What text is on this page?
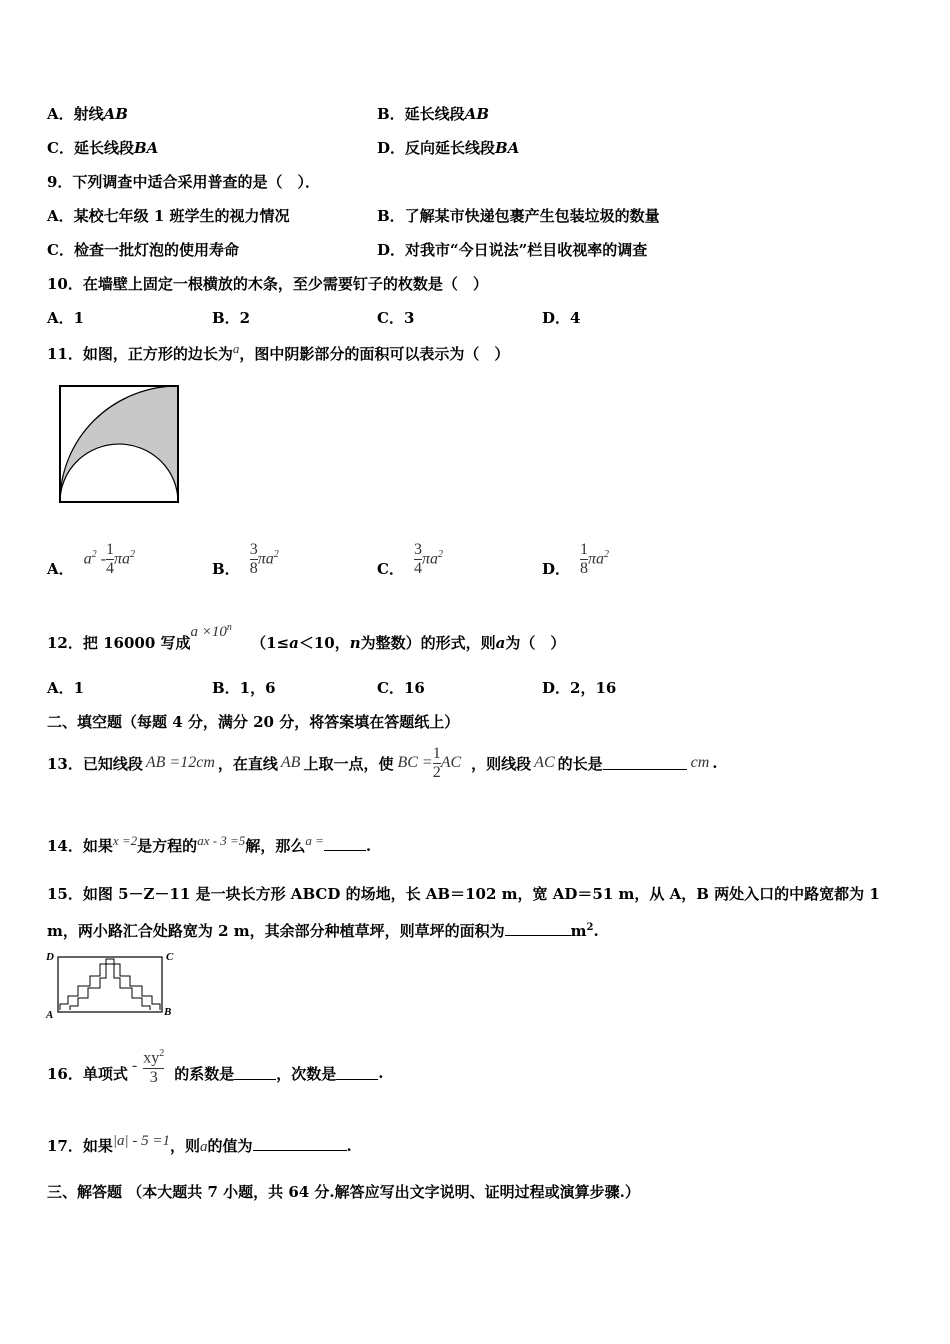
A．射线AB	B．延长线段AB
C．延长线段BA	D．反向延长线段BA
9．下列调查中适合采用普查的是（　）．
A．某校七年级 1 班学生的视力情况	B．了解某市快递包裹产生包装垃圾的数量
C．检查一批灯泡的使用寿命	D．对我市“今日说法”栏目收视率的调查
10．在墙壁上固定一根横放的木条，至少需要钉子的枚数是（　）
A．1	B．2	C．3	D．4
11．如图，正方形的边长为$^a$，图中阴影部分的面积可以表示为（　）
A．
$a^2 - \frac{1}{4} \pi a^2$
B． $\frac{3}{8} \pi a^2$
C． $\frac{3}{4} \pi a^2$
D． $\frac{1}{8} \pi a^2$
12．把 16000 写成$a \times 10^n$ （1≤a＜10，n为整数）的形式，则a为（　）
A．1	B．1，6	C．16	D．2，16
二、填空题（每题 4 分，满分 20 分，将答案填在答题纸上）
13．已知线段 AB =12cm ，在直线 AB 上取一点，使 BC = $\frac{1}{2}$ AC ，则线段 AC 的长是	cm .
14．如果x =2是方程的ax - 3 =5解，那么a =	.
15．如图 5－Z－11 是一块长方形 ABCD 的场地，长 AB＝102 m，宽 AD＝51 m，从 A，B 两处入口的中路宽都为 1
m，两小路汇合处路宽为 2 m，其余部分种植草坪，则草坪的面积为	$m^2$.
D	C
A	B
16．单项式 - $\frac{xy^2}{3}$ 的系数是	，次数是	.
17．如果|a| - 5 =1，则a的值为	.
三、解答题 （本大题共 7 小题，共 64 分.解答应写出文字说明、证明过程或演算步骤.）
